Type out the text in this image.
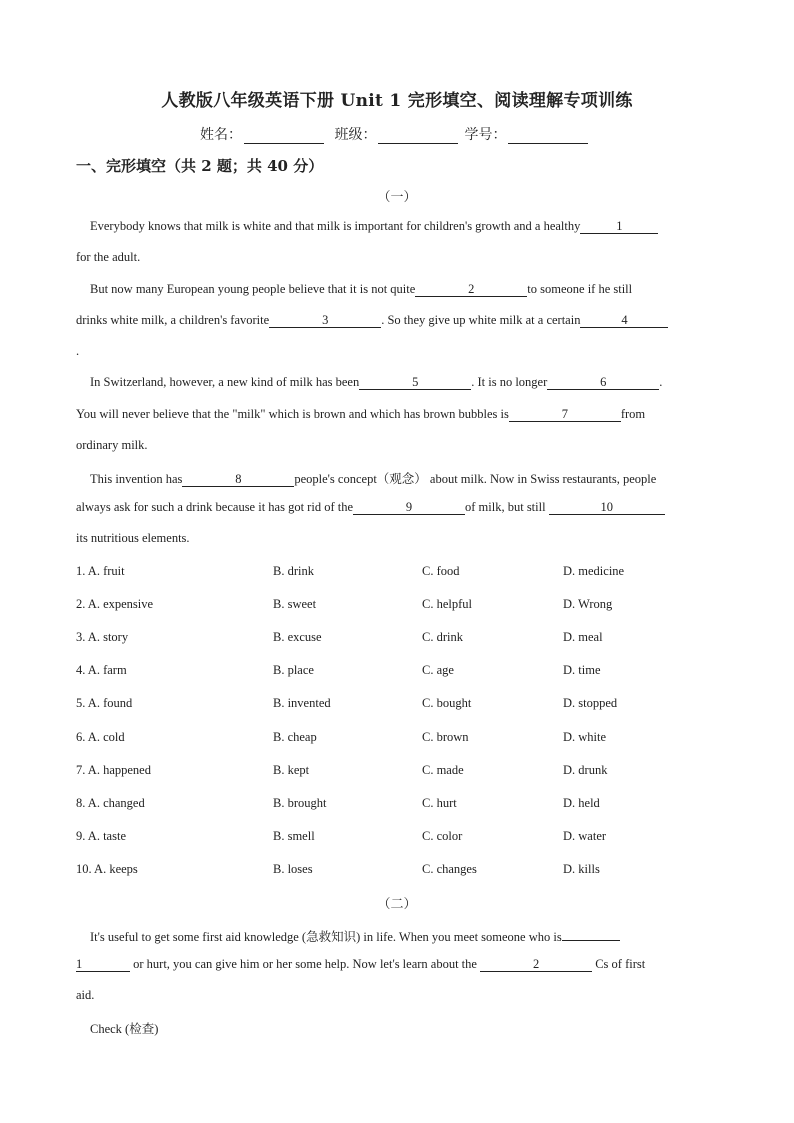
人教版八年级英语下册 Unit 1 完形填空、阅读理解专项训练
姓名：	班级：	学号：
一、完形填空（共 2 题；共 40 分）
（一）
Everybody knows that milk is white and that milk is important for children's growth and a healthy	1
for the adult.
But now many European young people believe that it is not quite	2	to someone if he still
drinks white milk, a children's favorite	3	. So they give up white milk at a certain	4
.
In Switzerland, however, a new kind of milk has been	5	. It is no longer	6	.
You will never believe that the "milk" which is brown and which has brown bubbles is	7	from
ordinary milk.
This invention has	8	people's concept（观念） about milk. Now in Swiss restaurants, people
always ask for such a drink because it has got rid of the	9	of milk, but still	10
its nutritious elements.
1. A. fruit	B. drink	C. food	D. medicine
2. A. expensive	B. sweet	C. helpful	D. Wrong
3. A. story	B. excuse	C. drink	D. meal
4. A. farm	B. place	C. age	D. time
5. A. found	B. invented	C. bought	D. stopped
6. A. cold	B. cheap	C. brown	D. white
7. A. happened	B. kept	C. made	D. drunk
8. A. changed	B. brought	C. hurt	D. held
9. A. taste	B. smell	C. color	D. water
10. A. keeps	B. loses	C. changes	D. kills
（二）
It's useful to get some first aid knowledge (急救知识) in life. When you meet someone who is
1	or hurt, you can give him or her some help. Now let's learn about the	2	Cs of first
aid.
Check (检查)
